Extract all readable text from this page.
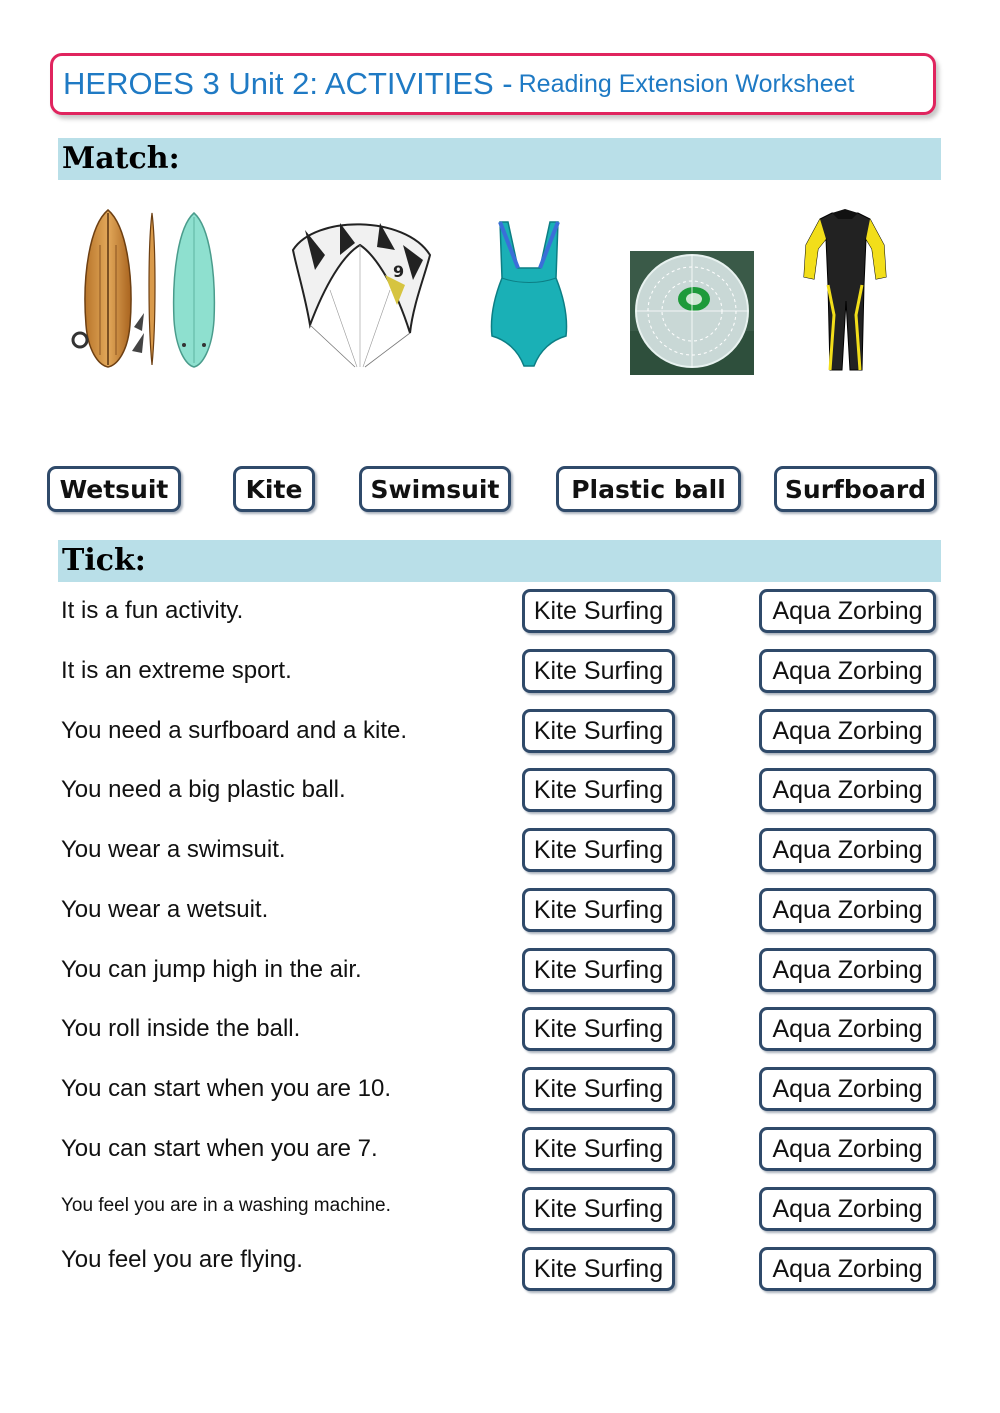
HEROES 3 Unit 2: ACTIVITIES - Reading Extension Worksheet
Match:
9
Wetsuit	Kite	Swimsuit	Plastic ball	Surfboard
Tick:
It is a fun activity.	Kite Surfing	Aqua Zorbing
It is an extreme sport.	Kite Surfing	Aqua Zorbing
You need a surfboard and a kite.	Kite Surfing	Aqua Zorbing
You need a big plastic ball.	Kite Surfing	Aqua Zorbing
You wear a swimsuit.	Kite Surfing	Aqua Zorbing
You wear a wetsuit.	Kite Surfing	Aqua Zorbing
You can jump high in the air.	Kite Surfing	Aqua Zorbing
You roll inside the ball.	Kite Surfing	Aqua Zorbing
You can start when you are 10.	Kite Surfing	Aqua Zorbing
You can start when you are 7.	Kite Surfing	Aqua Zorbing
You feel you are in a washing machine.	Kite Surfing	Aqua Zorbing
You feel you are flying.	Kite Surfing	Aqua Zorbing
